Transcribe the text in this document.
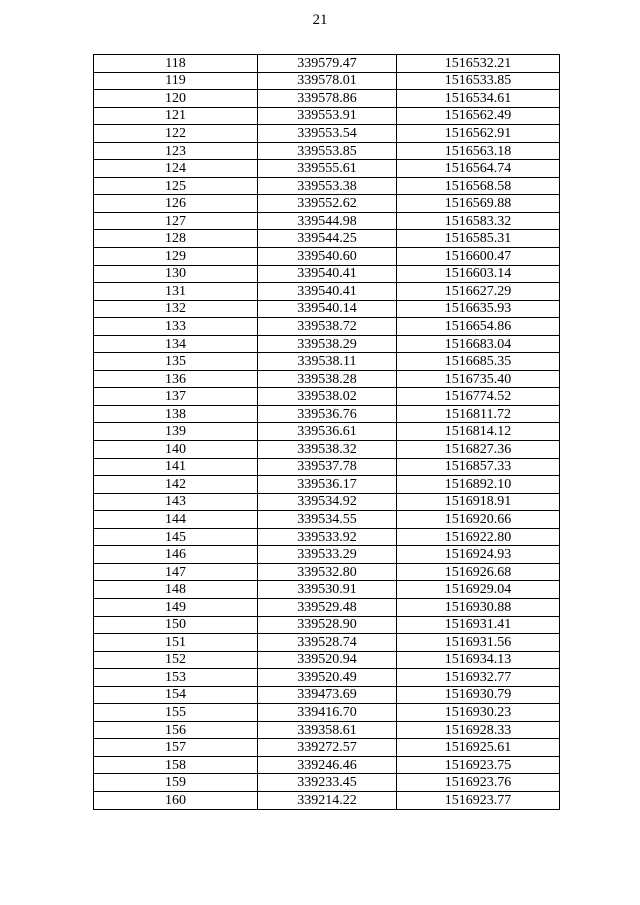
21
118	339579.47	1516532.21
119	339578.01	1516533.85
120	339578.86	1516534.61
121	339553.91	1516562.49
122	339553.54	1516562.91
123	339553.85	1516563.18
124	339555.61	1516564.74
125	339553.38	1516568.58
126	339552.62	1516569.88
127	339544.98	1516583.32
128	339544.25	1516585.31
129	339540.60	1516600.47
130	339540.41	1516603.14
131	339540.41	1516627.29
132	339540.14	1516635.93
133	339538.72	1516654.86
134	339538.29	1516683.04
135	339538.11	1516685.35
136	339538.28	1516735.40
137	339538.02	1516774.52
138	339536.76	1516811.72
139	339536.61	1516814.12
140	339538.32	1516827.36
141	339537.78	1516857.33
142	339536.17	1516892.10
143	339534.92	1516918.91
144	339534.55	1516920.66
145	339533.92	1516922.80
146	339533.29	1516924.93
147	339532.80	1516926.68
148	339530.91	1516929.04
149	339529.48	1516930.88
150	339528.90	1516931.41
151	339528.74	1516931.56
152	339520.94	1516934.13
153	339520.49	1516932.77
154	339473.69	1516930.79
155	339416.70	1516930.23
156	339358.61	1516928.33
157	339272.57	1516925.61
158	339246.46	1516923.75
159	339233.45	1516923.76
160	339214.22	1516923.77
